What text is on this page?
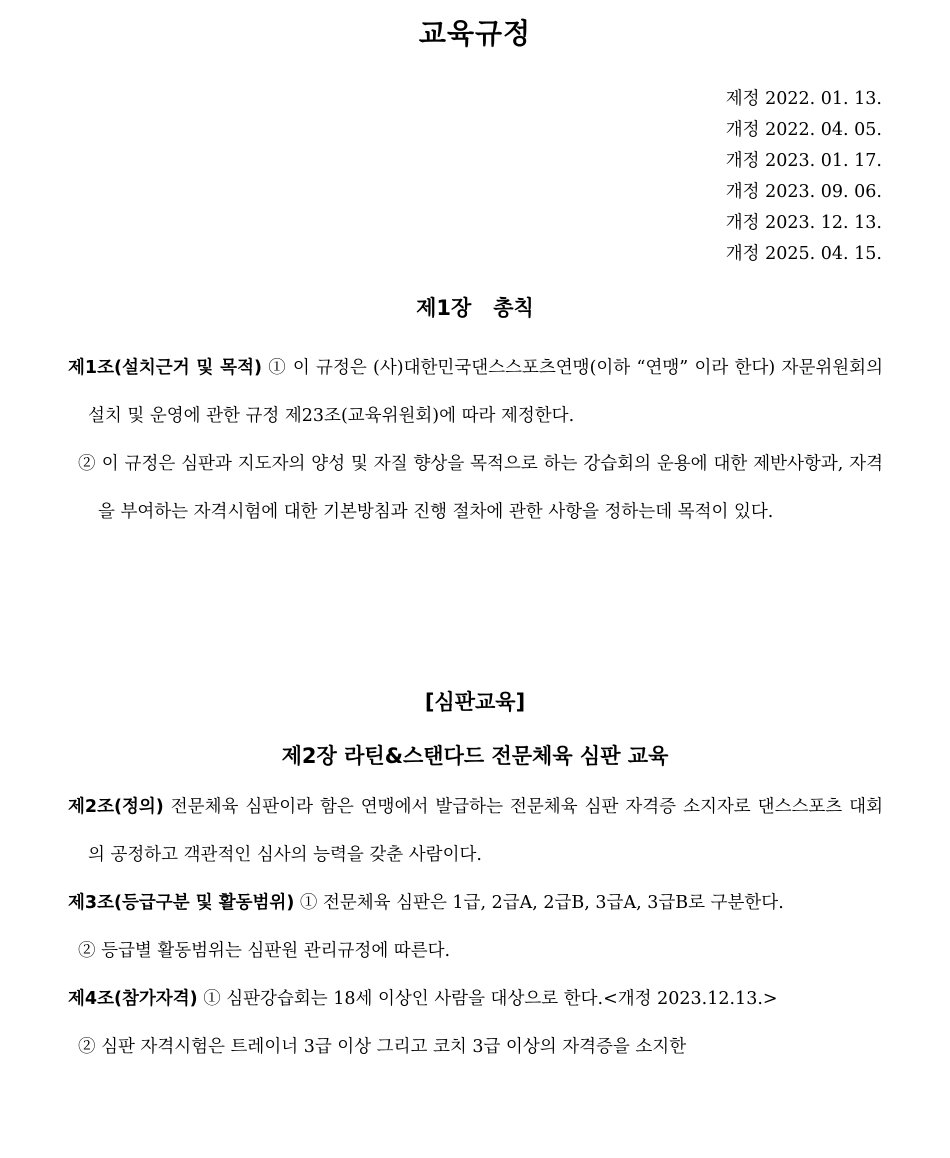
교육규정
제정 2022. 01. 13.
개정 2022. 04. 05.
개정 2023. 01. 17.
개정 2023. 09. 06.
개정 2023. 12. 13.
개정 2025. 04. 15.
제1장   총칙

제1조(설치근거 및 목적) ① 이 규정은 (사)대한민국댄스스포츠연맹(이하 “연맹” 이라 한다) 자문위원회의 설치 및 운영에 관한 규정 제23조(교육위원회)에 따라 제정한다.

② 이 규정은 심판과 지도자의 양성 및 자질 향상을 목적으로 하는 강습회의 운용에 대한 제반사항과, 자격을 부여하는 자격시험에 대한 기본방침과 진행 절차에 관한 사항을 정하는데 목적이 있다.

[심판교육]
제2장 라틴&스탠다드 전문체육 심판 교육

제2조(정의) 전문체육 심판이라 함은 연맹에서 발급하는 전문체육 심판 자격증 소지자로 댄스스포츠 대회의 공정하고 객관적인 심사의 능력을 갖춘 사람이다.

제3조(등급구분 및 활동범위) ① 전문체육 심판은 1급, 2급A, 2급B, 3급A, 3급B로 구분한다.

② 등급별 활동범위는 심판원 관리규정에 따른다.

제4조(참가자격) ① 심판강습회는 18세 이상인 사람을 대상으로 한다.<개정 2023.12.13.>

② 심판 자격시험은 트레이너 3급 이상 그리고 코치 3급 이상의 자격증을 소지한
